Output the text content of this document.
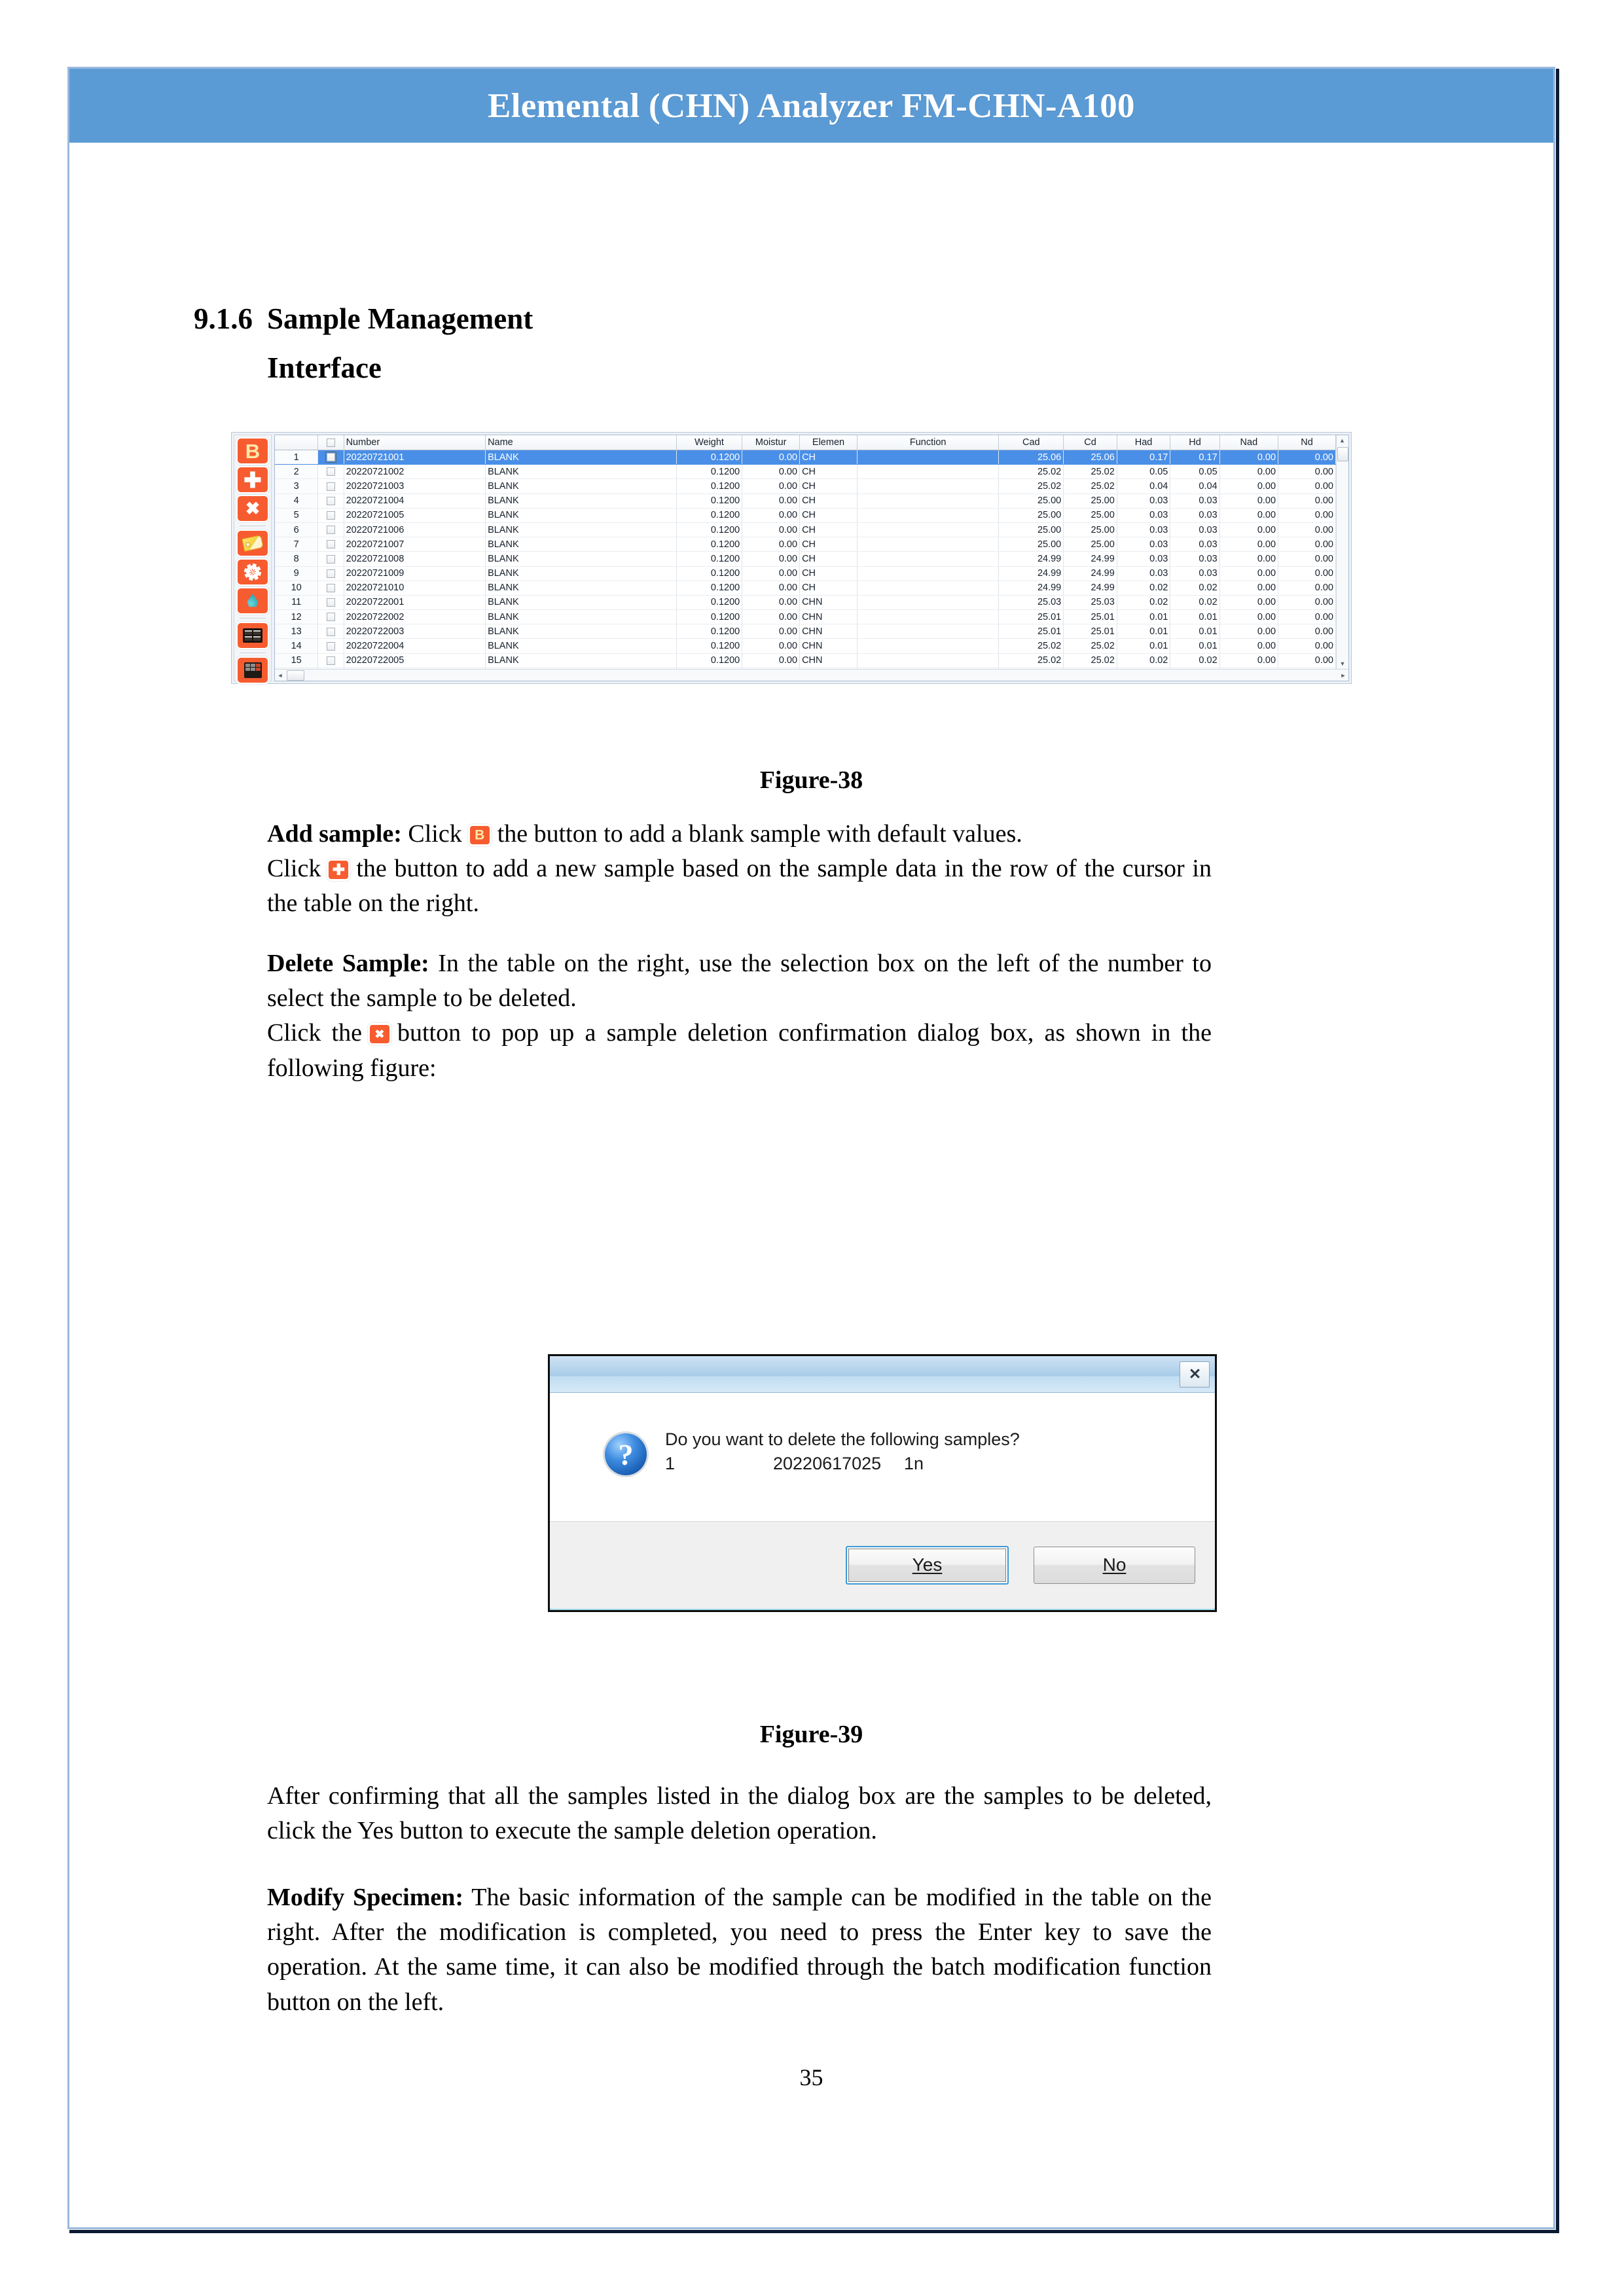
Elemental (CHN) Analyzer FM-CHN-A100
9.1.6 Sample Management
Interface
B
✚
✖
		Number	Name	Weight	Moistur	Elemen	Function	Cad	Cd	Had	Hd	Nad	Nd
1		20220721001	BLANK	0.1200	0.00	CH		25.06	25.06	0.17	0.17	0.00	0.00
2		20220721002	BLANK	0.1200	0.00	CH		25.02	25.02	0.05	0.05	0.00	0.00
3		20220721003	BLANK	0.1200	0.00	CH		25.02	25.02	0.04	0.04	0.00	0.00
4		20220721004	BLANK	0.1200	0.00	CH		25.00	25.00	0.03	0.03	0.00	0.00
5		20220721005	BLANK	0.1200	0.00	CH		25.00	25.00	0.03	0.03	0.00	0.00
6		20220721006	BLANK	0.1200	0.00	CH		25.00	25.00	0.03	0.03	0.00	0.00
7		20220721007	BLANK	0.1200	0.00	CH		25.00	25.00	0.03	0.03	0.00	0.00
8		20220721008	BLANK	0.1200	0.00	CH		24.99	24.99	0.03	0.03	0.00	0.00
9		20220721009	BLANK	0.1200	0.00	CH		24.99	24.99	0.03	0.03	0.00	0.00
10		20220721010	BLANK	0.1200	0.00	CH		24.99	24.99	0.02	0.02	0.00	0.00
11		20220722001	BLANK	0.1200	0.00	CHN		25.03	25.03	0.02	0.02	0.00	0.00
12		20220722002	BLANK	0.1200	0.00	CHN		25.01	25.01	0.01	0.01	0.00	0.00
13		20220722003	BLANK	0.1200	0.00	CHN		25.01	25.01	0.01	0.01	0.00	0.00
14		20220722004	BLANK	0.1200	0.00	CHN		25.02	25.02	0.01	0.01	0.00	0.00
15		20220722005	BLANK	0.1200	0.00	CHN		25.02	25.02	0.02	0.02	0.00	0.00

▲
▼
◄	►
Figure-38
Add sample: Click B the button to add a blank sample with default values.
Click ✚ the button to add a new sample based on the sample data in the row of the cursor in the table on the right.
Delete Sample: In the table on the right, use the selection box on the left of the number to select the sample to be deleted.
Click the	✖ button to pop up a sample deletion confirmation dialog box, as shown in the following figure:
✕
?	Do you want to delete the following samples?
1	20220617025	1n
Yes	No
Figure-39
After confirming that all the samples listed in the dialog box are the samples to be deleted, click the Yes button to execute the sample deletion operation.
Modify Specimen: The basic information of the sample can be modified in the table on the right. After the modification is completed, you need to press the Enter key to save the operation. At the same time, it can also be modified through the batch modification function button on the left.
35
